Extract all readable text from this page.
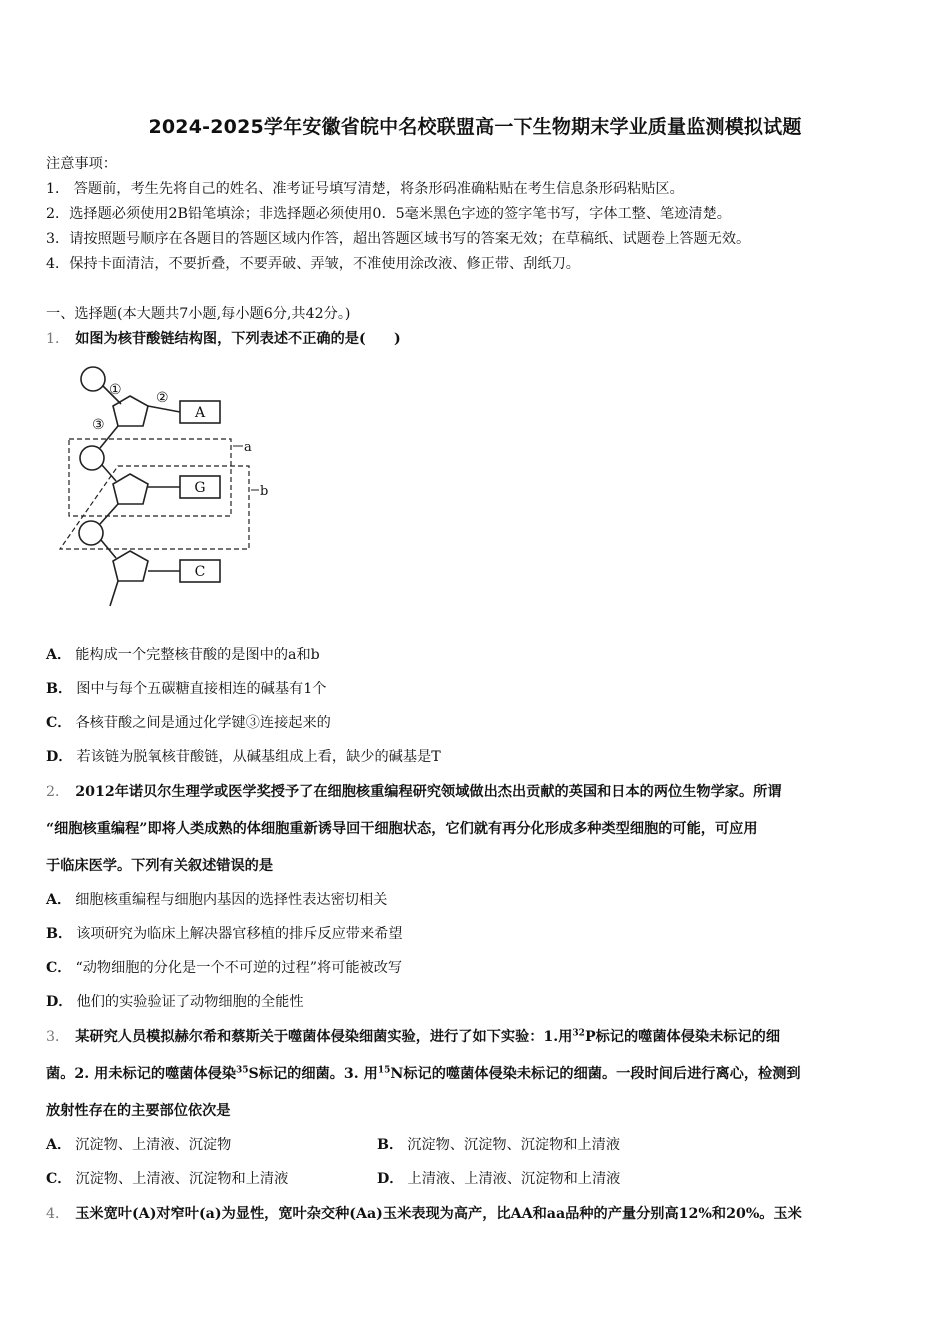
2024-2025学年安徽省皖中名校联盟高一下生物期末学业质量监测模拟试题
注意事项：
1． 答题前，考生先将自己的姓名、准考证号填写清楚，将条形码准确粘贴在考生信息条形码粘贴区。
2．选择题必须使用2B铅笔填涂；非选择题必须使用0．5毫米黑色字迹的签字笔书写，字体工整、笔迹清楚。
3．请按照题号顺序在各题目的答题区域内作答，超出答题区域书写的答案无效；在草稿纸、试题卷上答题无效。
4．保持卡面清洁，不要折叠，不要弄破、弄皱，不准使用涂改液、修正带、刮纸刀。
一、选择题(本大题共7小题,每小题6分,共42分。)
1． 如图为核苷酸链结构图，下列表述不正确的是(　　)
① ②
③
a
b
A
G
C
A． 能构成一个完整核苷酸的是图中的a和b
B． 图中与每个五碳糖直接相连的碱基有1个
C． 各核苷酸之间是通过化学键③连接起来的
D． 若该链为脱氧核苷酸链，从碱基组成上看，缺少的碱基是T
2． 2012年诺贝尔生理学或医学奖授予了在细胞核重编程研究领域做出杰出贡献的英国和日本的两位生物学家。所谓
“细胞核重编程”即将人类成熟的体细胞重新诱导回干细胞状态，它们就有再分化形成多种类型细胞的可能，可应用
于临床医学。下列有关叙述错误的是
A． 细胞核重编程与细胞内基因的选择性表达密切相关
B． 该项研究为临床上解决器官移植的排斥反应带来希望
C． “动物细胞的分化是一个不可逆的过程”将可能被改写
D． 他们的实验验证了动物细胞的全能性
3． 某研究人员模拟赫尔希和蔡斯关于噬菌体侵染细菌实验，进行了如下实验：1.用$^{32}$P标记的噬菌体侵染未标记的细
菌。2. 用未标记的噬菌体侵染$^{35}$S标记的细菌。3. 用$^{15}$N标记的噬菌体侵染未标记的细菌。一段时间后进行离心，检测到
放射性存在的主要部位依次是
A． 沉淀物、上清液、沉淀物	B． 沉淀物、沉淀物、沉淀物和上清液
C． 沉淀物、上清液、沉淀物和上清液	D． 上清液、上清液、沉淀物和上清液
4． 玉米宽叶(A)对窄叶(a)为显性，宽叶杂交种(Aa)玉米表现为高产，比AA和aa品种的产量分别高12%和20%。玉米
